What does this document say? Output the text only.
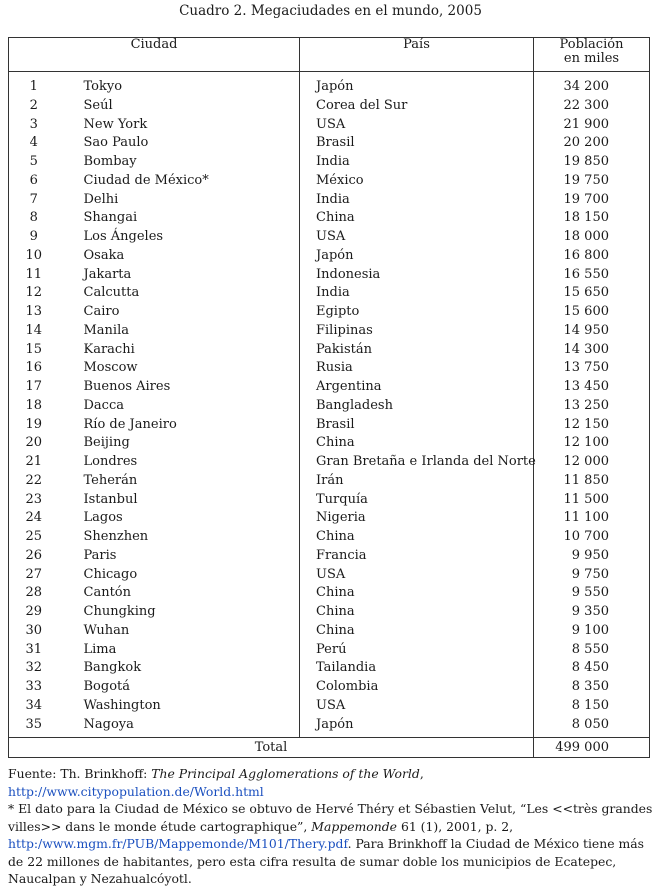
Cuadro 2. Megaciudades en el mundo, 2005
Ciudad		País	Población
en miles
1	Tokyo	Japón	34 200
2	Seúl	Corea del Sur	22 300
3	New York	USA	21 900
4	Sao Paulo	Brasil	20 200
5	Bombay	India	19 850
6	Ciudad de México*	México	19 750
7	Delhi	India	19 700
8	Shangai	China	18 150
9	Los Ángeles	USA	18 000
10	Osaka	Japón	16 800
11	Jakarta	Indonesia	16 550
12	Calcutta	India	15 650
13	Cairo	Egipto	15 600
14	Manila	Filipinas	14 950
15	Karachi	Pakistán	14 300
16	Moscow	Rusia	13 750
17	Buenos Aires	Argentina	13 450
18	Dacca	Bangladesh	13 250
19	Río de Janeiro	Brasil	12 150
20	Beijing	China	12 100
21	Londres	Gran Bretaña e Irlanda del Norte	12 000
22	Teherán	Irán	11 850
23	Istanbul	Turquía	11 500
24	Lagos	Nigeria	11 100
25	Shenzhen	China	10 700
26	Paris	Francia	9 950
27	Chicago	USA	9 750
28	Cantón	China	9 550
29	Chungking	China	9 350
30	Wuhan	China	9 100
31	Lima	Perú	8 550
32	Bangkok	Tailandia	8 450
33	Bogotá	Colombia	8 350
34	Washington	USA	8 150
35	Nagoya	Japón	8 050
Total			499 000

Fuente: Th. Brinkhoff: The Principal Agglomerations of the World, http://www.citypopulation.de/World.html

* El dato para la Ciudad de México se obtuvo de Hervé Théry et Sébastien Velut, “Les <<très grandes villes>> dans le monde étude cartographique”, Mappemonde 61 (1), 2001, p. 2, http:/www.mgm.fr/PUB/Mappemonde/M101/Thery.pdf. Para Brinkhoff la Ciudad de México tiene más de 22 millones de habitantes, pero esta cifra resulta de sumar doble los municipios de Ecatepec, Naucalpan y Nezahualcóyotl.
